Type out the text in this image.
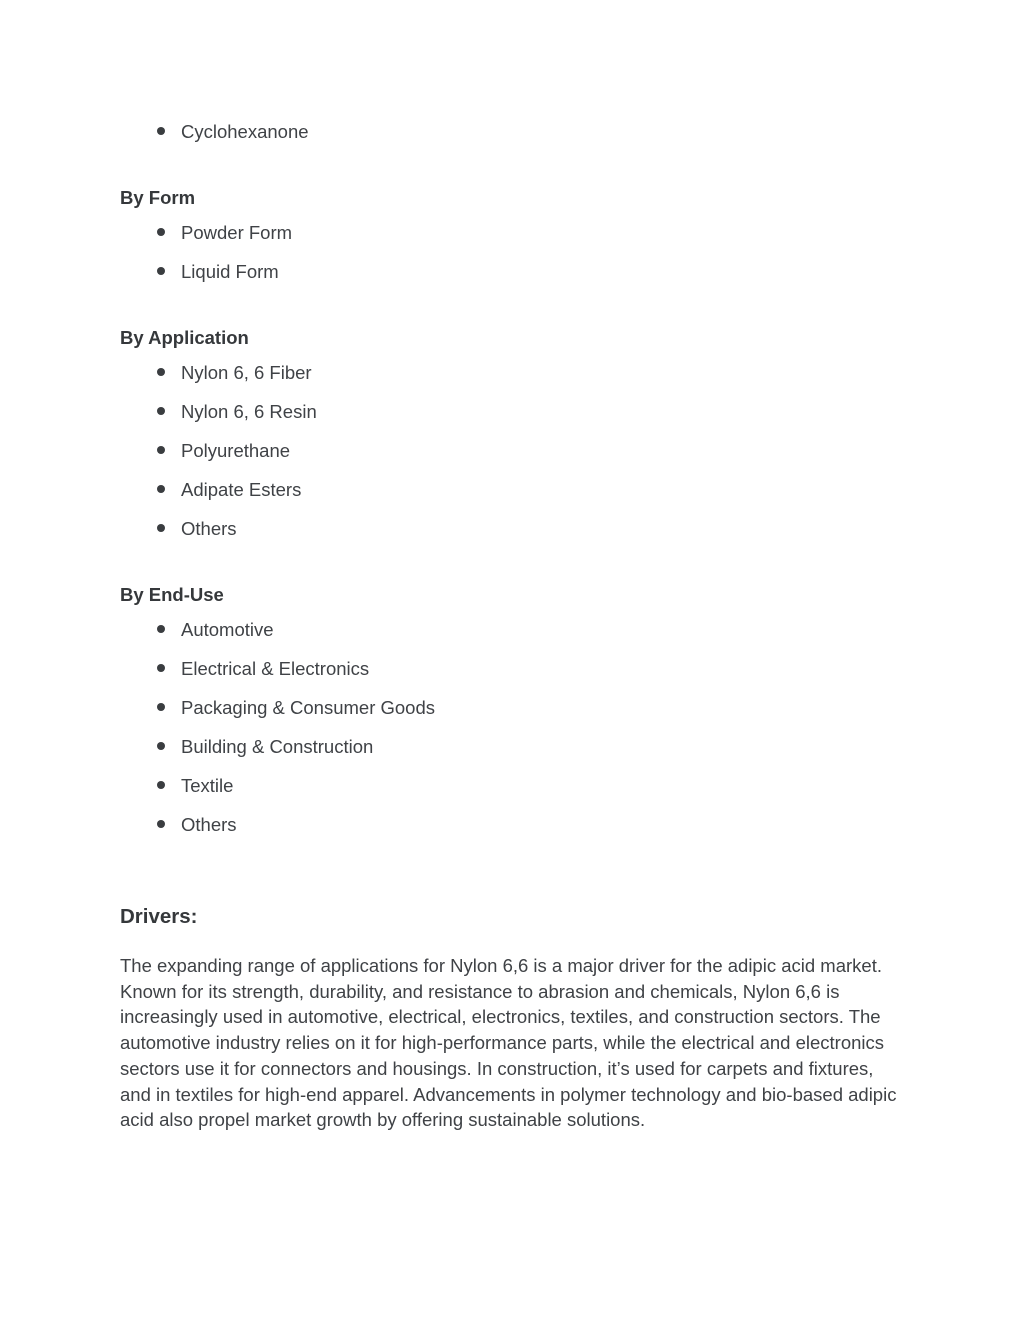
Cyclohexanone
By Form
Powder Form
Liquid Form
By Application
Nylon 6, 6 Fiber
Nylon 6, 6 Resin
Polyurethane
Adipate Esters
Others
By End-Use
Automotive
Electrical & Electronics
Packaging & Consumer Goods
Building & Construction
Textile
Others
Drivers:

The expanding range of applications for Nylon 6,6 is a major driver for the adipic acid market. Known for its strength, durability, and resistance to abrasion and chemicals, Nylon 6,6 is increasingly used in automotive, electrical, electronics, textiles, and construction sectors. The automotive industry relies on it for high-performance parts, while the electrical and electronics sectors use it for connectors and housings. In construction, it’s used for carpets and fixtures, and in textiles for high-end apparel. Advancements in polymer technology and bio-based adipic acid also propel market growth by offering sustainable solutions.
